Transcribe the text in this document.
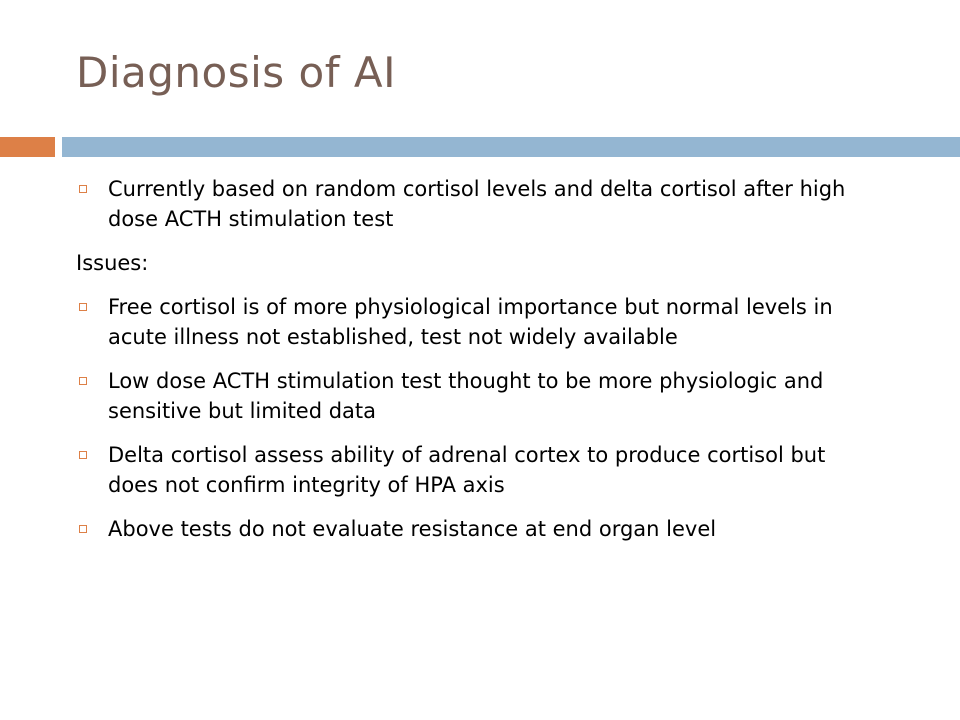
Diagnosis of AI
Currently based on random cortisol levels and delta cortisol after high dose ACTH stimulation test
Issues:
Free cortisol is of more physiological importance but normal levels in acute illness not established, test not widely available
Low dose ACTH stimulation test thought to be more physiologic and sensitive but limited data
Delta cortisol assess ability of adrenal cortex to produce cortisol but does not confirm integrity of HPA axis
Above tests do not evaluate resistance at end organ level
